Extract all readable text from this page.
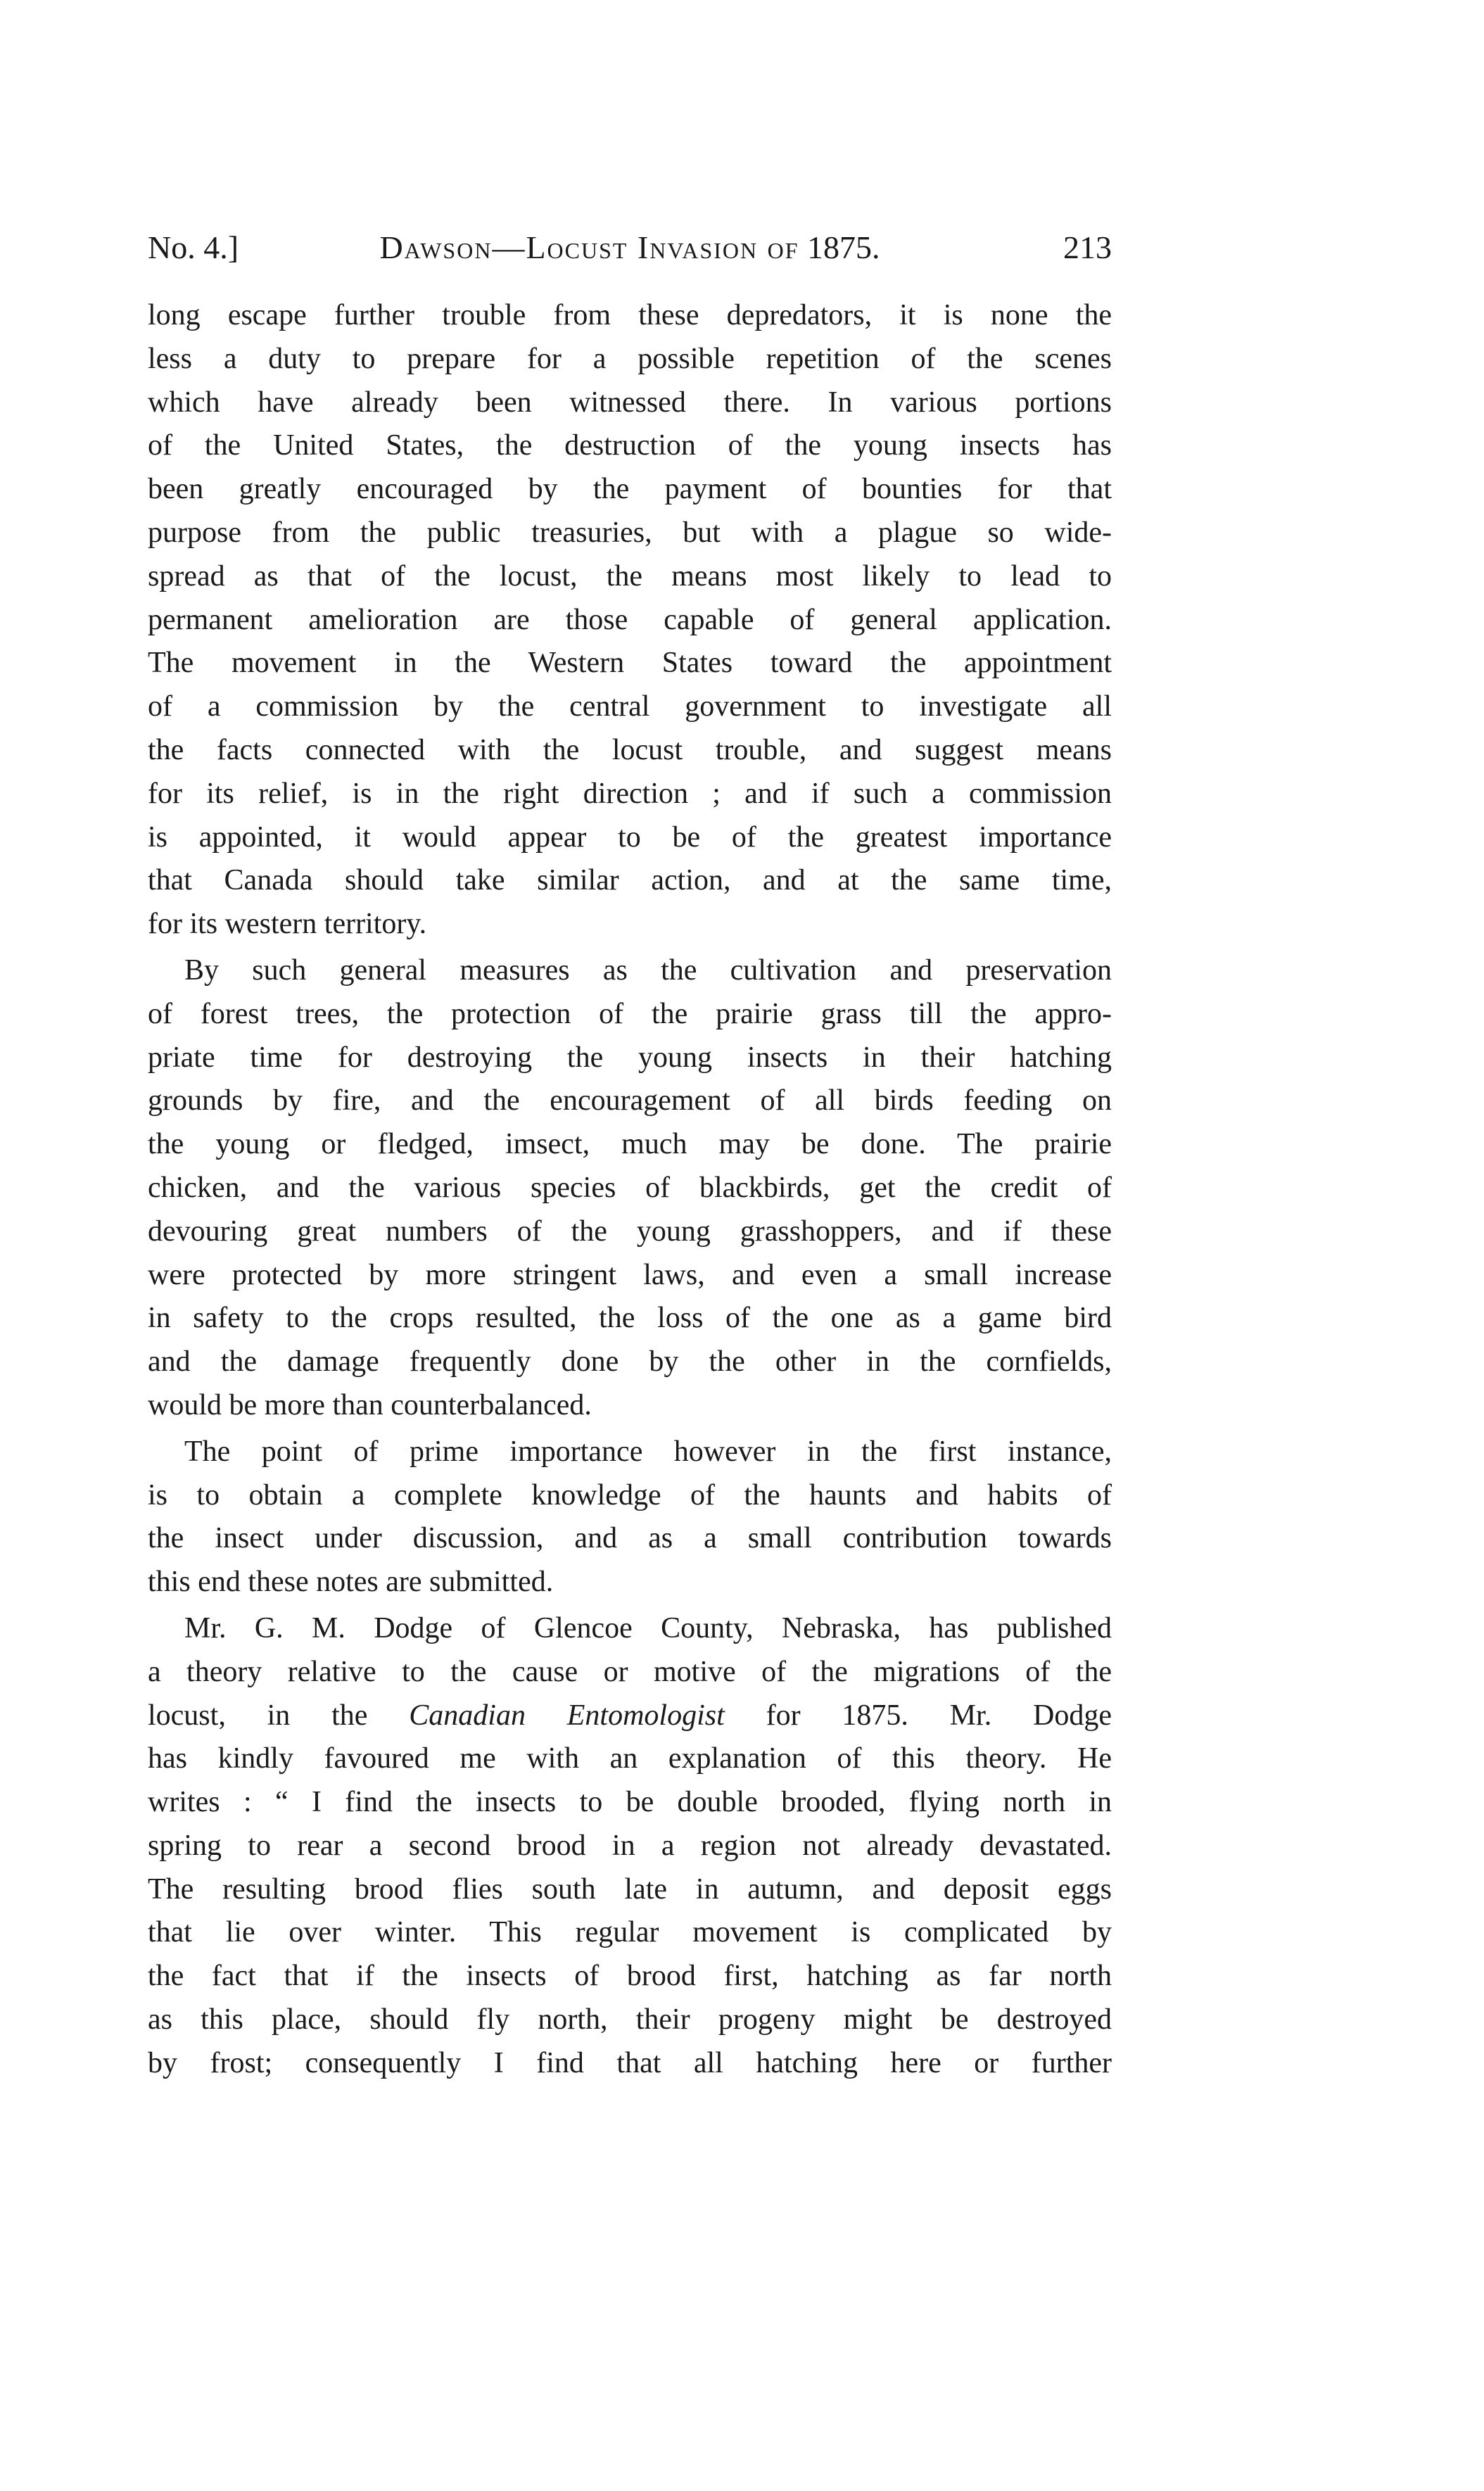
No. 4.]	Dawson—Locust Invasion of 1875.	213
long escape further trouble from these depredators, it is none the
less a duty to prepare for a possible repetition of the scenes
which have already been witnessed there. In various portions
of the United States, the destruction of the young insects has
been greatly encouraged by the payment of bounties for that
purpose from the public treasuries, but with a plague so wide-
spread as that of the locust, the means most likely to lead to
permanent amelioration are those capable of general application.
The movement in the Western States toward the appointment
of a commission by the central government to investigate all
the facts connected with the locust trouble, and suggest means
for its relief, is in the right direction ; and if such a commission
is appointed, it would appear to be of the greatest importance
that Canada should take similar action, and at the same time,
for its western territory.
By such general measures as the cultivation and preservation
of forest trees, the protection of the prairie grass till the appro-
priate time for destroying the young insects in their hatching
grounds by fire, and the encouragement of all birds feeding on
the young or fledged, imsect, much may be done. The prairie
chicken, and the various species of blackbirds, get the credit of
devouring great numbers of the young grasshoppers, and if these
were protected by more stringent laws, and even a small increase
in safety to the crops resulted, the loss of the one as a game bird
and the damage frequently done by the other in the cornfields,
would be more than counterbalanced.
The point of prime importance however in the first instance,
is to obtain a complete knowledge of the haunts and habits of
the insect under discussion, and as a small contribution towards
this end these notes are submitted.
Mr. G. M. Dodge of Glencoe County, Nebraska, has published
a theory relative to the cause or motive of the migrations of the
locust, in the Canadian Entomologist for 1875. Mr. Dodge
has kindly favoured me with an explanation of this theory. He
writes : “ I find the insects to be double brooded, flying north in
spring to rear a second brood in a region not already devastated.
The resulting brood flies south late in autumn, and deposit eggs
that lie over winter. This regular movement is complicated by
the fact that if the insects of brood first, hatching as far north
as this place, should fly north, their progeny might be destroyed
by frost; consequently I find that all hatching here or further
